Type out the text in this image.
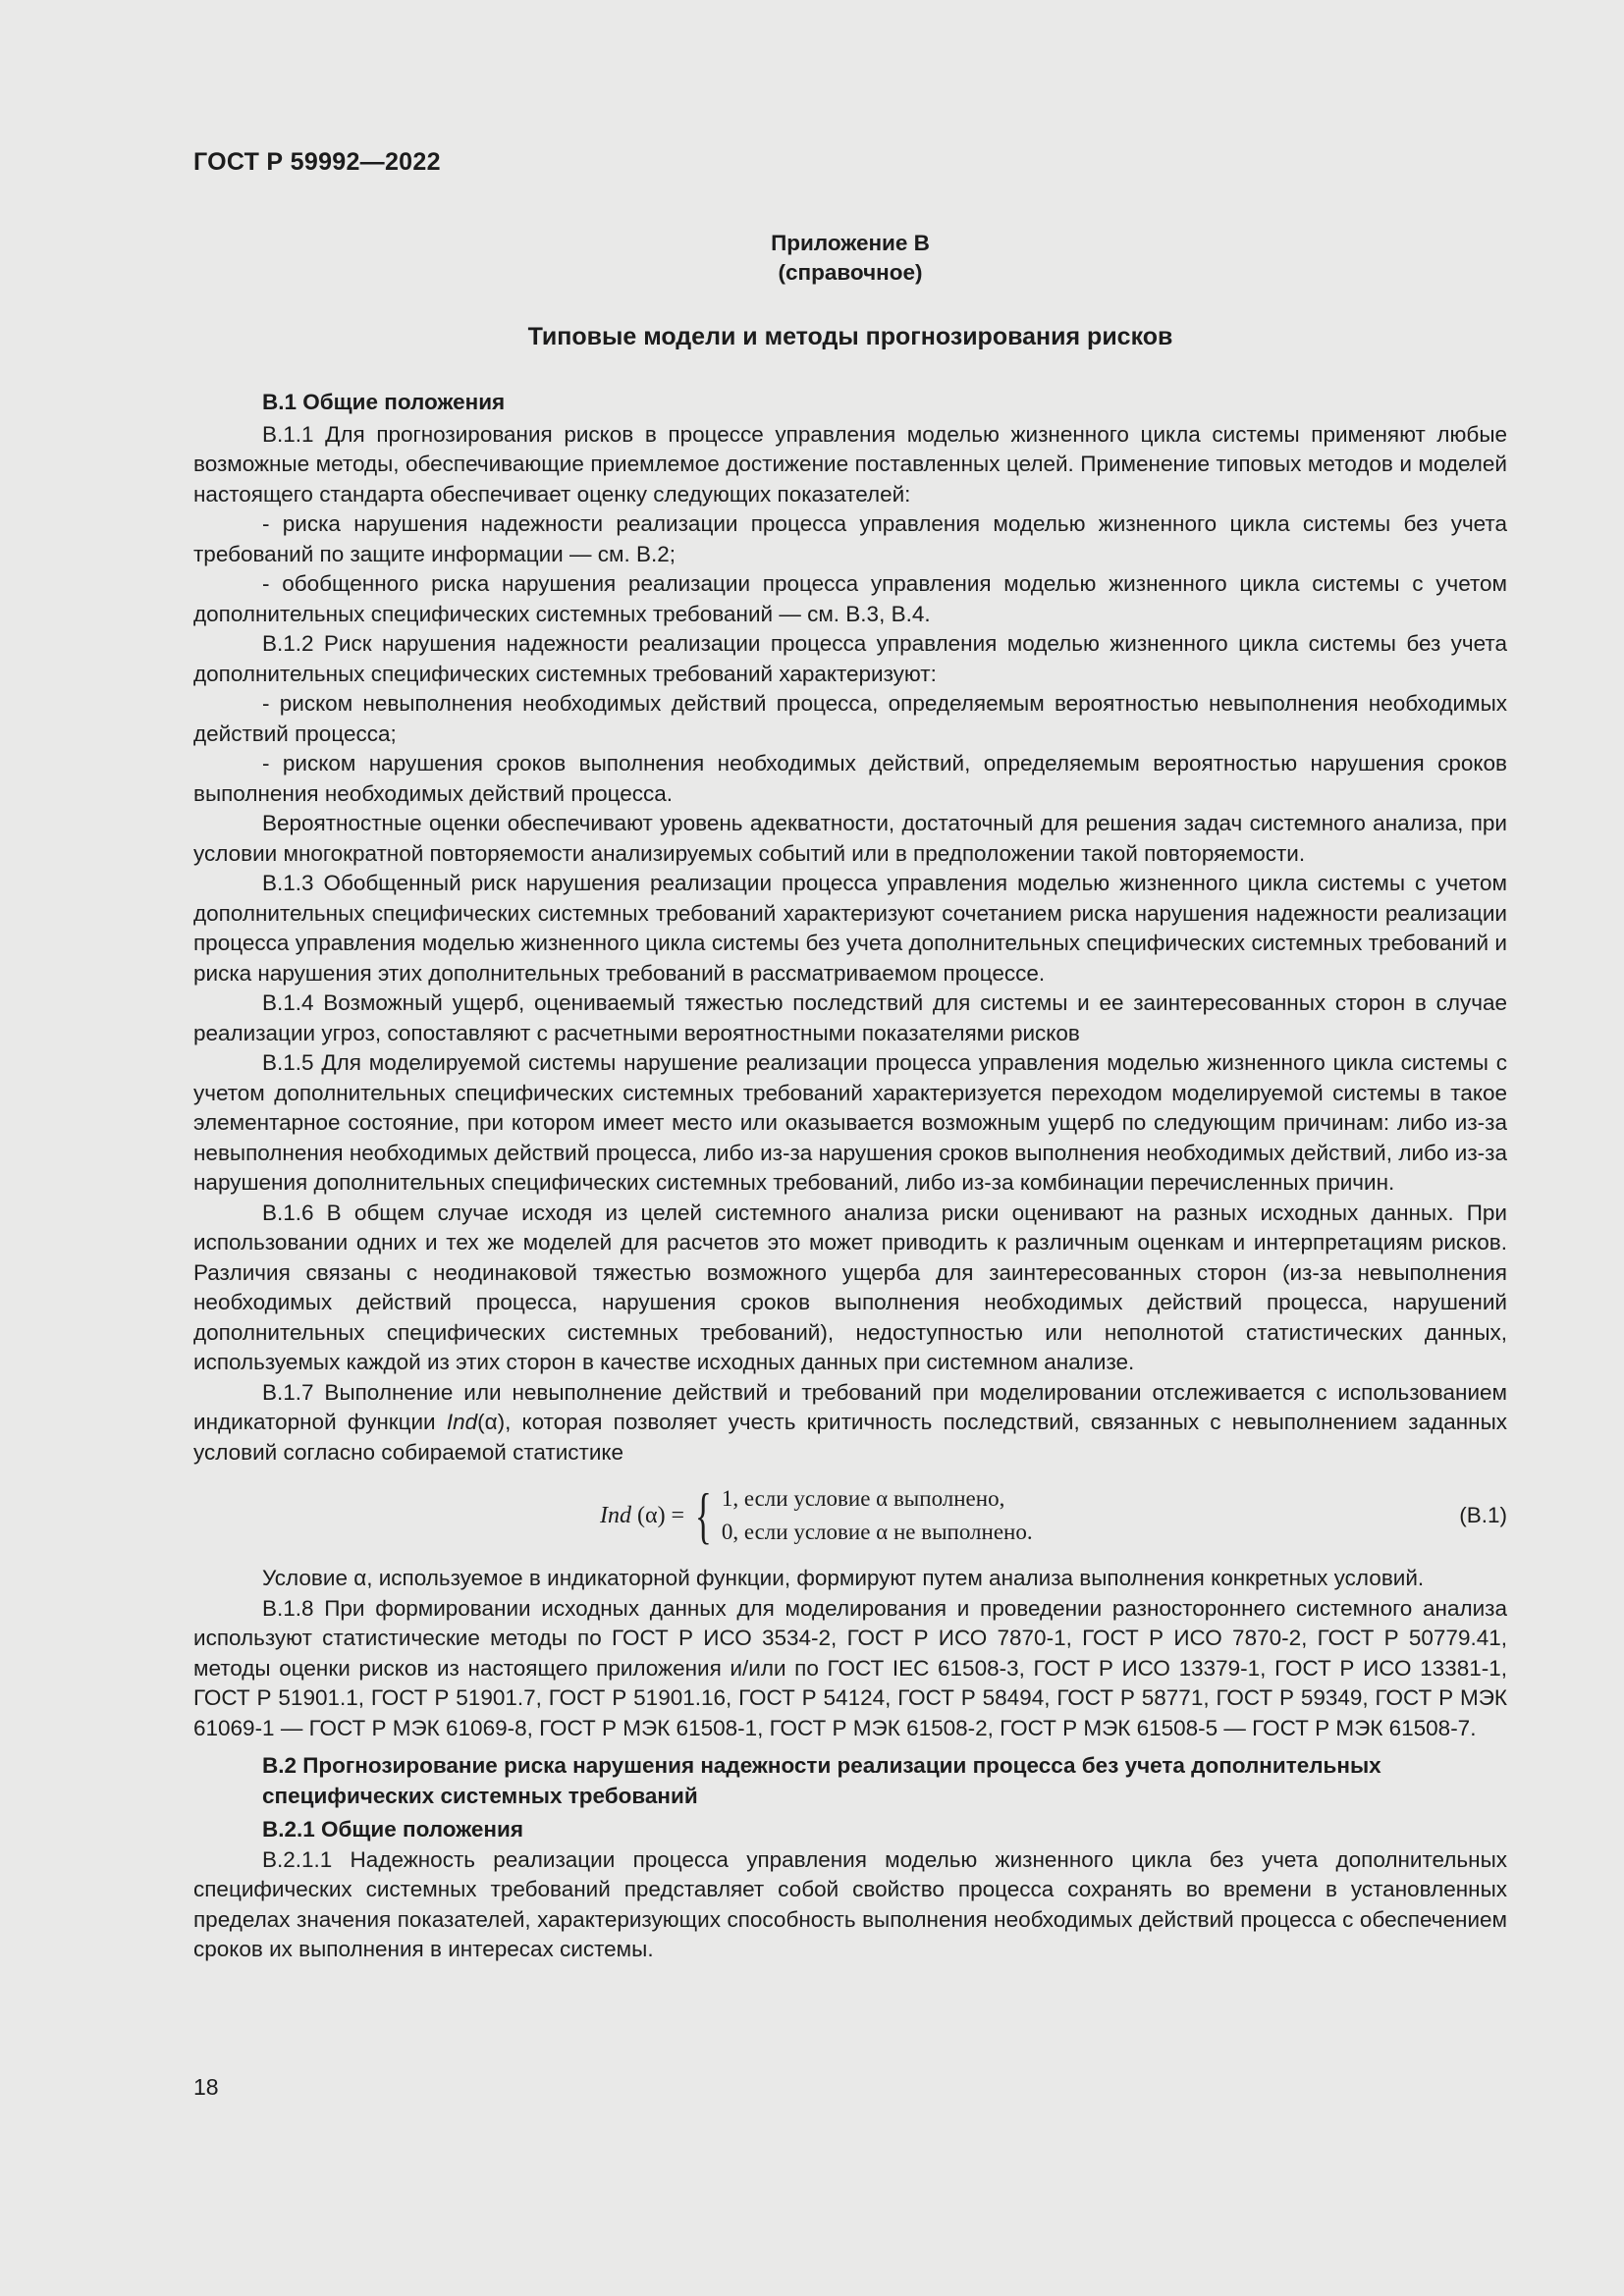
ГОСТ Р 59992—2022
Приложение В
(справочное)
Типовые модели и методы прогнозирования рисков
В.1 Общие положения

В.1.1 Для прогнозирования рисков в процессе управления моделью жизненного цикла системы применяют любые возможные методы, обеспечивающие приемлемое достижение поставленных целей. Применение типовых методов и моделей настоящего стандарта обеспечивает оценку следующих показателей:

- риска нарушения надежности реализации процесса управления моделью жизненного цикла системы без учета требований по защите информации — см. В.2;

- обобщенного риска нарушения реализации процесса управления моделью жизненного цикла системы с учетом дополнительных специфических системных требований — см. В.3, В.4.

В.1.2 Риск нарушения надежности реализации процесса управления моделью жизненного цикла системы без учета дополнительных специфических системных требований характеризуют:

- риском невыполнения необходимых действий процесса, определяемым вероятностью невыполнения необходимых действий процесса;

- риском нарушения сроков выполнения необходимых действий, определяемым вероятностью нарушения сроков выполнения необходимых действий процесса.

Вероятностные оценки обеспечивают уровень адекватности, достаточный для решения задач системного анализа, при условии многократной повторяемости анализируемых событий или в предположении такой повторяемости.

В.1.3 Обобщенный риск нарушения реализации процесса управления моделью жизненного цикла системы с учетом дополнительных специфических системных требований характеризуют сочетанием риска нарушения надежности реализации процесса управления моделью жизненного цикла системы без учета дополнительных специфических системных требований и риска нарушения этих дополнительных требований в рассматриваемом процессе.

В.1.4 Возможный ущерб, оцениваемый тяжестью последствий для системы и ее заинтересованных сторон в случае реализации угроз, сопоставляют с расчетными вероятностными показателями рисков

В.1.5 Для моделируемой системы нарушение реализации процесса управления моделью жизненного цикла системы с учетом дополнительных специфических системных требований характеризуется переходом моделируемой системы в такое элементарное состояние, при котором имеет место или оказывается возможным ущерб по следующим причинам: либо из-за невыполнения необходимых действий процесса, либо из-за нарушения сроков выполнения необходимых действий, либо из-за нарушения дополнительных специфических системных требований, либо из-за комбинации перечисленных причин.

В.1.6 В общем случае исходя из целей системного анализа риски оценивают на разных исходных данных. При использовании одних и тех же моделей для расчетов это может приводить к различным оценкам и интерпретациям рисков. Различия связаны с неодинаковой тяжестью возможного ущерба для заинтересованных сторон (из-за невыполнения необходимых действий процесса, нарушения сроков выполнения необходимых действий процесса, нарушений дополнительных специфических системных требований), недоступностью или неполнотой статистических данных, используемых каждой из этих сторон в качестве исходных данных при системном анализе.

В.1.7 Выполнение или невыполнение действий и требований при моделировании отслеживается с использованием индикаторной функции Ind(α), которая позволяет учесть критичность последствий, связанных с невыполнением заданных условий согласно собираемой статистике

Ind (α) = { 1, если условие α выполнено,
0, если условие α не выполнено.
(В.1)

Условие α, используемое в индикаторной функции, формируют путем анализа выполнения конкретных условий.

В.1.8 При формировании исходных данных для моделирования и проведении разностороннего системного анализа используют статистические методы по ГОСТ Р ИСО 3534-2, ГОСТ Р ИСО 7870-1, ГОСТ Р ИСО 7870-2, ГОСТ Р 50779.41, методы оценки рисков из настоящего приложения и/или по ГОСТ IEC 61508-3, ГОСТ Р ИСО 13379-1, ГОСТ Р ИСО 13381-1, ГОСТ Р 51901.1, ГОСТ Р 51901.7, ГОСТ Р 51901.16, ГОСТ Р 54124, ГОСТ Р 58494, ГОСТ Р 58771, ГОСТ Р 59349, ГОСТ Р МЭК 61069-1 — ГОСТ Р МЭК 61069-8, ГОСТ Р МЭК 61508-1, ГОСТ Р МЭК 61508-2, ГОСТ Р МЭК 61508-5 — ГОСТ Р МЭК 61508-7.

В.2 Прогнозирование риска нарушения надежности реализации процесса без учета дополнительных
специфических системных требований
В.2.1 Общие положения

В.2.1.1 Надежность реализации процесса управления моделью жизненного цикла без учета дополнительных специфических системных требований представляет собой свойство процесса сохранять во времени в установленных пределах значения показателей, характеризующих способность выполнения необходимых действий процесса с обеспечением сроков их выполнения в интересах системы.

18
